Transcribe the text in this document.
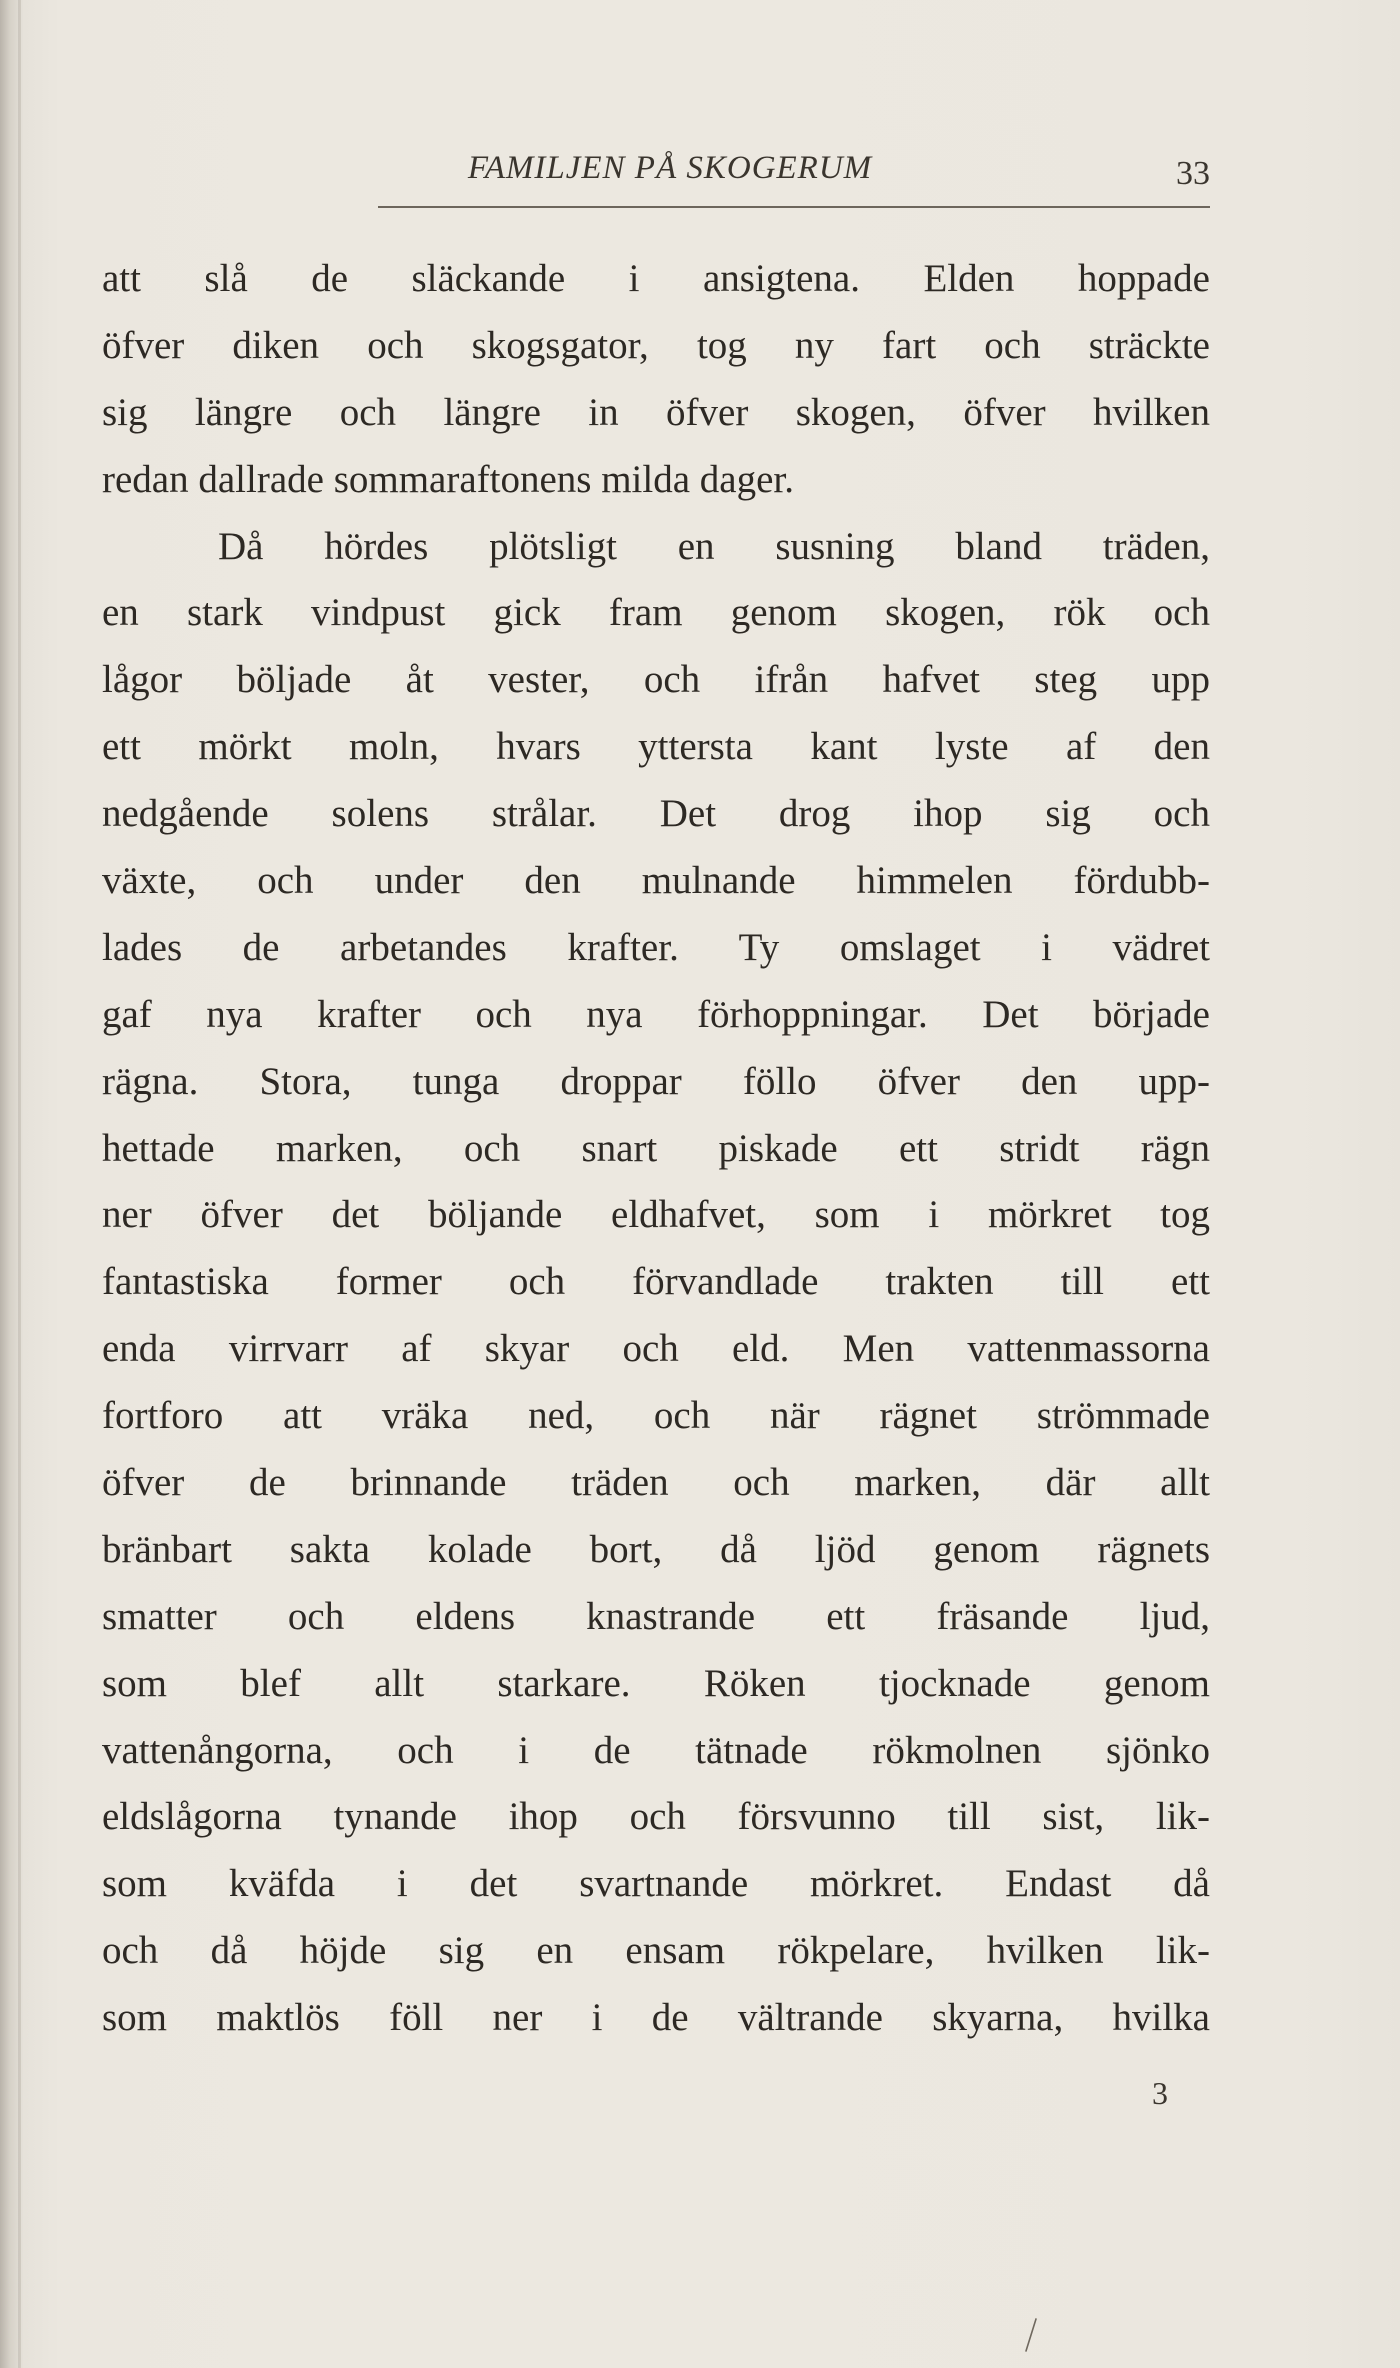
FAMILJEN PÅ SKOGERUM	33
att slå de släckande i ansigtena. Elden hoppade
öfver diken och skogsgator, tog ny fart och sträckte
sig längre och längre in öfver skogen, öfver hvilken
redan dallrade sommaraftonens milda dager.
Då hördes plötsligt en susning bland träden,
en stark vindpust gick fram genom skogen, rök och
lågor böljade åt vester, och ifrån hafvet steg upp
ett mörkt moln, hvars yttersta kant lyste af den
nedgående solens strålar. Det drog ihop sig och
växte, och under den mulnande himmelen fördubb-
lades de arbetandes krafter. Ty omslaget i vädret
gaf nya krafter och nya förhoppningar. Det började
rägna. Stora, tunga droppar föllo öfver den upp-
hettade marken, och snart piskade ett stridt rägn
ner öfver det böljande eldhafvet, som i mörkret tog
fantastiska former och förvandlade trakten till ett
enda virrvarr af skyar och eld. Men vattenmassorna
fortforo att vräka ned, och när rägnet strömmade
öfver de brinnande träden och marken, där allt
bränbart sakta kolade bort, då ljöd genom rägnets
smatter och eldens knastrande ett fräsande ljud,
som blef allt starkare. Röken tjocknade genom
vattenångorna, och i de tätnade rökmolnen sjönko
eldslågorna tynande ihop och försvunno till sist, lik-
som kväfda i det svartnande mörkret. Endast då
och då höjde sig en ensam rökpelare, hvilken lik-
som maktlös föll ner i de vältrande skyarna, hvilka
3
